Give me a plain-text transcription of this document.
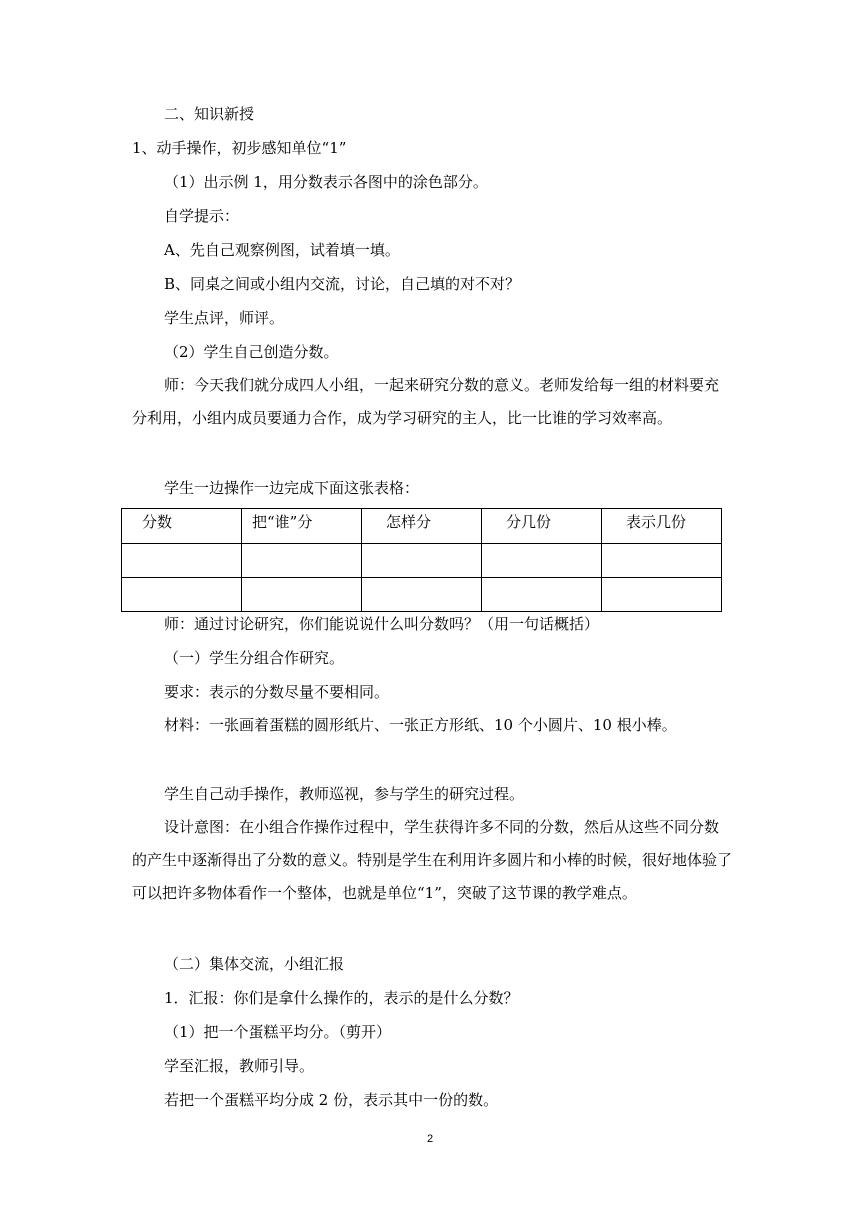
二、知识新授
1、动手操作，初步感知单位“1”
（1）出示例 1，用分数表示各图中的涂色部分。
自学提示：
A、先自己观察例图，试着填一填。
B、同桌之间或小组内交流，讨论，自己填的对不对？
学生点评，师评。
（2）学生自己创造分数。

师：今天我们就分成四人小组，一起来研究分数的意义。老师发给每一组的材料要充分利用，小组内成员要通力合作，成为学习研究的主人，比一比谁的学习效率高。

学生一边操作一边完成下面这张表格：
分数	把“谁”分	怎样分	分几份	表示几份

师：通过讨论研究，你们能说说什么叫分数吗？（用一句话概括）
（一）学生分组合作研究。
要求：表示的分数尽量不要相同。

材料：一张画着蛋糕的圆形纸片、一张正方形纸、10 个小圆片、10 根小棒。

学生自己动手操作，教师巡视，参与学生的研究过程。

设计意图：在小组合作操作过程中，学生获得许多不同的分数，然后从这些不同分数的产生中逐渐得出了分数的意义。特别是学生在利用许多圆片和小棒的时候，很好地体验了可以把许多物体看作一个整体，也就是单位“1”，突破了这节课的教学难点。

（二）集体交流，小组汇报
1．汇报：你们是拿什么操作的，表示的是什么分数？
（1）把一个蛋糕平均分。（剪开）
学至汇报，教师引导。
若把一个蛋糕平均分成 2 份，表示其中一份的数。
2
